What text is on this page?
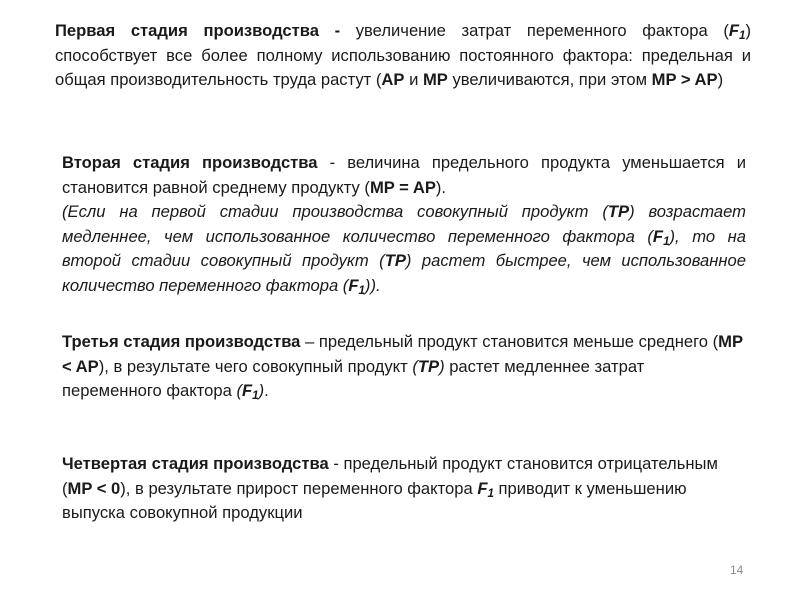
Первая стадия производства - увеличение затрат переменного фактора $(F_1)$ способствует все более полному использованию постоянного фактора: предельная и общая производительность труда растут (AP и MP увеличиваются, при этом MP > AP)

Вторая стадия производства - величина предельного продукта уменьшается и становится равной среднему продукту (MP = AP).
(Если на первой стадии производства совокупный продукт (TP) возрастает медленнее, чем использованное количество переменного фактора $(F_1)$, то на второй стадии совокупный продукт (TP) растет быстрее, чем использованное количество переменного фактора $(F_1)$).

Третья стадия производства – предельный продукт становится меньше среднего (MP < AP), в результате чего совокупный продукт (TP) растет медленнее затрат переменного фактора $(F_1)$.

Четвертая стадия производства - предельный продукт становится отрицательным (MP < 0), в результате прирост переменного фактора $F_1$ приводит к уменьшению выпуска совокупной продукции

14
